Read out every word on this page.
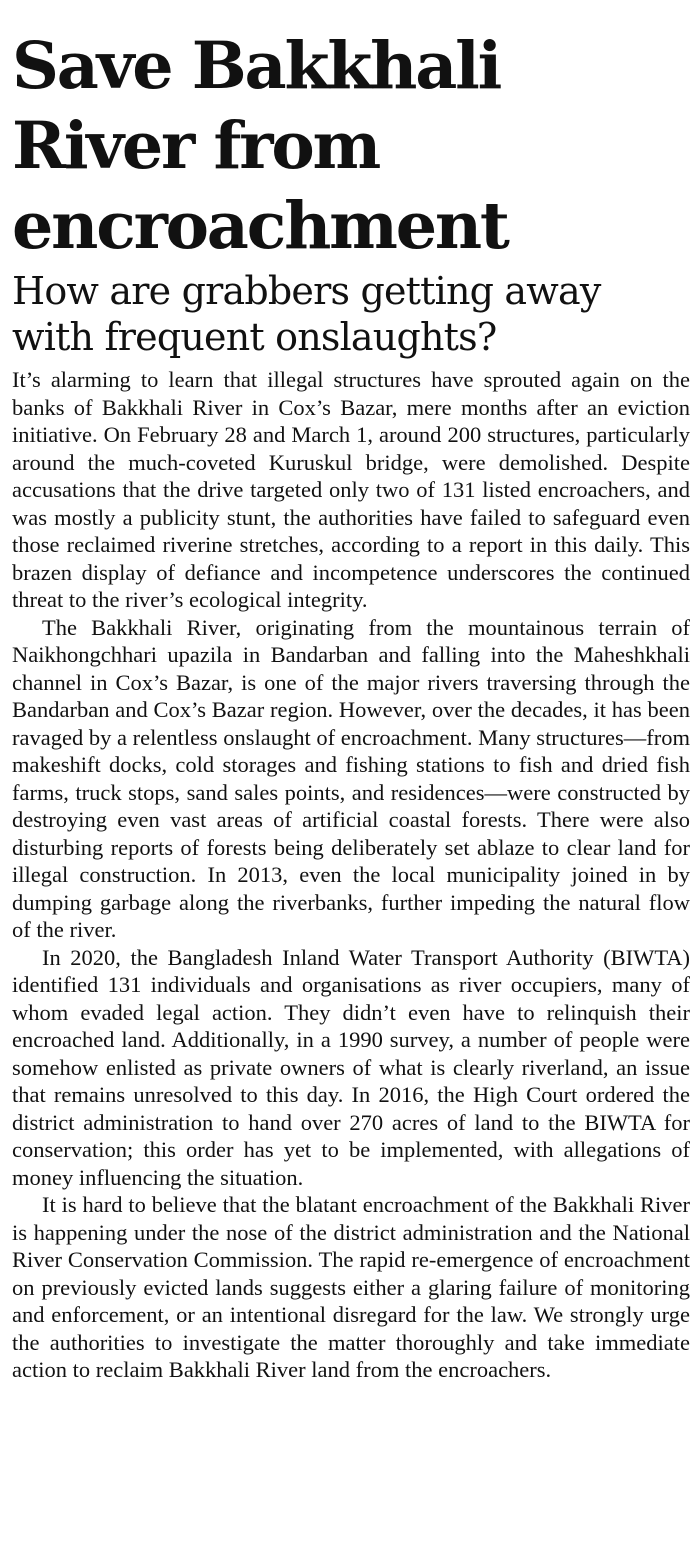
Save Bakkhali River from encroachment
How are grabbers getting away with frequent onslaughts?

It’s alarming to learn that illegal structures have sprouted again on the banks of Bakkhali River in Cox’s Bazar, mere months after an eviction initiative. On February 28 and March 1, around 200 structures, particularly around the much-coveted Kuruskul bridge, were demolished. Despite accusations that the drive targeted only two of 131 listed encroachers, and was mostly a publicity stunt, the authorities have failed to safeguard even those reclaimed riverine stretches, according to a report in this daily. This brazen display of defiance and incompetence underscores the continued threat to the river’s ecological integrity.

The Bakkhali River, originating from the mountainous terrain of Naikhongchhari upazila in Bandarban and falling into the Maheshkhali channel in Cox’s Bazar, is one of the major rivers traversing through the Bandarban and Cox’s Bazar region. However, over the decades, it has been ravaged by a relentless onslaught of encroachment. Many structures—from makeshift docks, cold storages and fishing stations to fish and dried fish farms, truck stops, sand sales points, and residences—were constructed by destroying even vast areas of artificial coastal forests. There were also disturbing reports of forests being deliberately set ablaze to clear land for illegal construction. In 2013, even the local municipality joined in by dumping garbage along the riverbanks, further impeding the natural flow of the river.

In 2020, the Bangladesh Inland Water Transport Authority (BIWTA) identified 131 individuals and organisations as river occupiers, many of whom evaded legal action. They didn’t even have to relinquish their encroached land. Additionally, in a 1990 survey, a number of people were somehow enlisted as private owners of what is clearly riverland, an issue that remains unresolved to this day. In 2016, the High Court ordered the district administration to hand over 270 acres of land to the BIWTA for conservation; this order has yet to be implemented, with allegations of money influencing the situation.

It is hard to believe that the blatant encroachment of the Bakkhali River is happening under the nose of the district administration and the National River Conservation Commission. The rapid re-emergence of encroachment on previously evicted lands suggests either a glaring failure of monitoring and enforcement, or an intentional disregard for the law. We strongly urge the authorities to investigate the matter thoroughly and take immediate action to reclaim Bakkhali River land from the encroachers.
